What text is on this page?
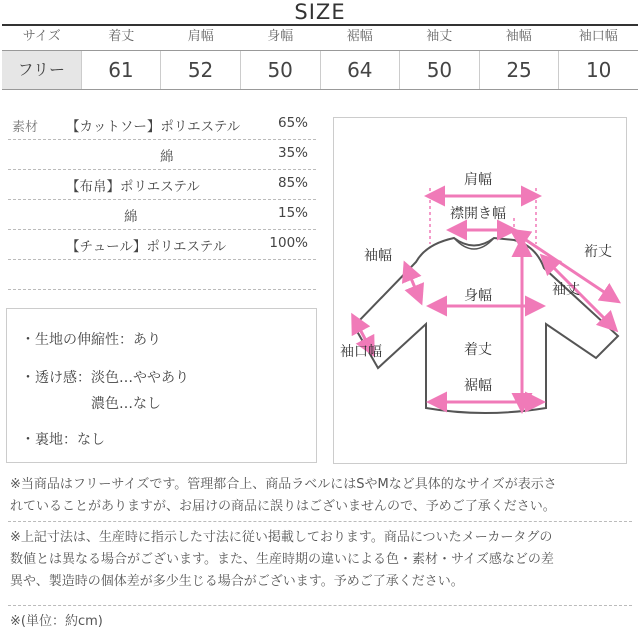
SIZE
サイズ	着丈	肩幅	身幅	裾幅	袖丈	袖幅	袖口幅
フリー	61	52	50	64	50	25	10
素材 【カットソー】ポリエステル	65%
綿	35%
【布帛】ポリエステル	85%
綿	15%
【チュール】ポリエステル	100%
・生地の伸縮性：あり
・透け感：淡色…ややあり
濃色…なし
・裏地：なし
肩幅
襟開き幅
袖幅	裄丈
袖丈
身幅
袖口幅	着丈
裾幅
※当商品はフリーサイズです。管理都合上、商品ラベルにはSやMなど具体的なサイズが表示さ
れていることがありますが、お届けの商品に誤りはございませんので、予めご了承ください。
※上記寸法は、生産時に指示した寸法に従い掲載しております。商品についたメーカータグの
数値とは異なる場合がございます。また、生産時期の違いによる色・素材・サイズ感などの差
異や、製造時の個体差が多少生じる場合がございます。予めご了承ください。
※(単位：約cm)
